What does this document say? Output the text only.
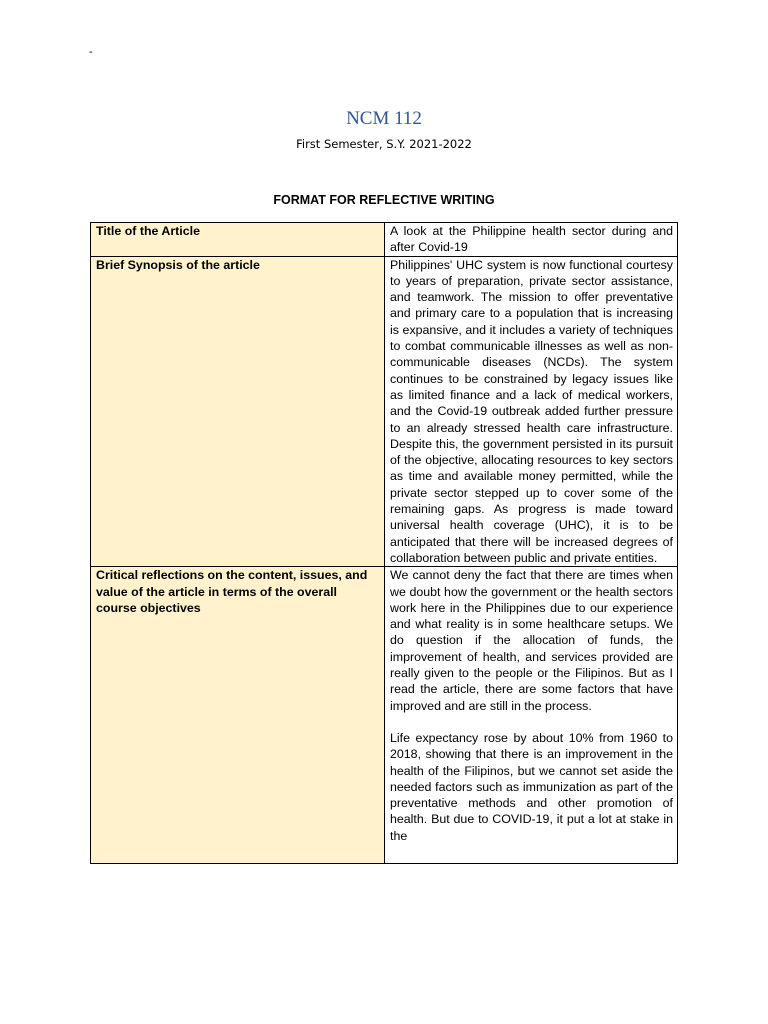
-
NCM 112
First Semester, S.Y. 2021-2022
FORMAT FOR REFLECTIVE WRITING
Title of the Article	A look at the Philippine health sector during and after Covid-19
Brief Synopsis of the article	Philippines' UHC system is now functional courtesy to years of preparation, private sector assistance, and teamwork. The mission to offer preventative and primary care to a population that is increasing is expansive, and it includes a variety of techniques to combat communicable illnesses as well as non-communicable diseases (NCDs). The system continues to be constrained by legacy issues like as limited finance and a lack of medical workers, and the Covid-19 outbreak added further pressure to an already stressed health care infrastructure. Despite this, the government persisted in its pursuit of the objective, allocating resources to key sectors as time and available money permitted, while the private sector stepped up to cover some of the remaining gaps. As progress is made toward universal health coverage (UHC), it is to be anticipated that there will be increased degrees of collaboration between public and private entities.
Critical reflections on the content, issues, and value of the article in terms of the overall course objectives	We cannot deny the fact that there are times when we doubt how the government or the health sectors work here in the Philippines due to our experience and what reality is in some healthcare setups. We do question if the allocation of funds, the improvement of health, and services provided are really given to the people or the Filipinos. But as I read the article, there are some factors that have improved and are still in the process.

Life expectancy rose by about 10% from 1960 to 2018, showing that there is an improvement in the health of the Filipinos, but we cannot set aside the needed factors such as immunization as part of the preventative methods and other promotion of health. But due to COVID-19, it put a lot at stake in the
